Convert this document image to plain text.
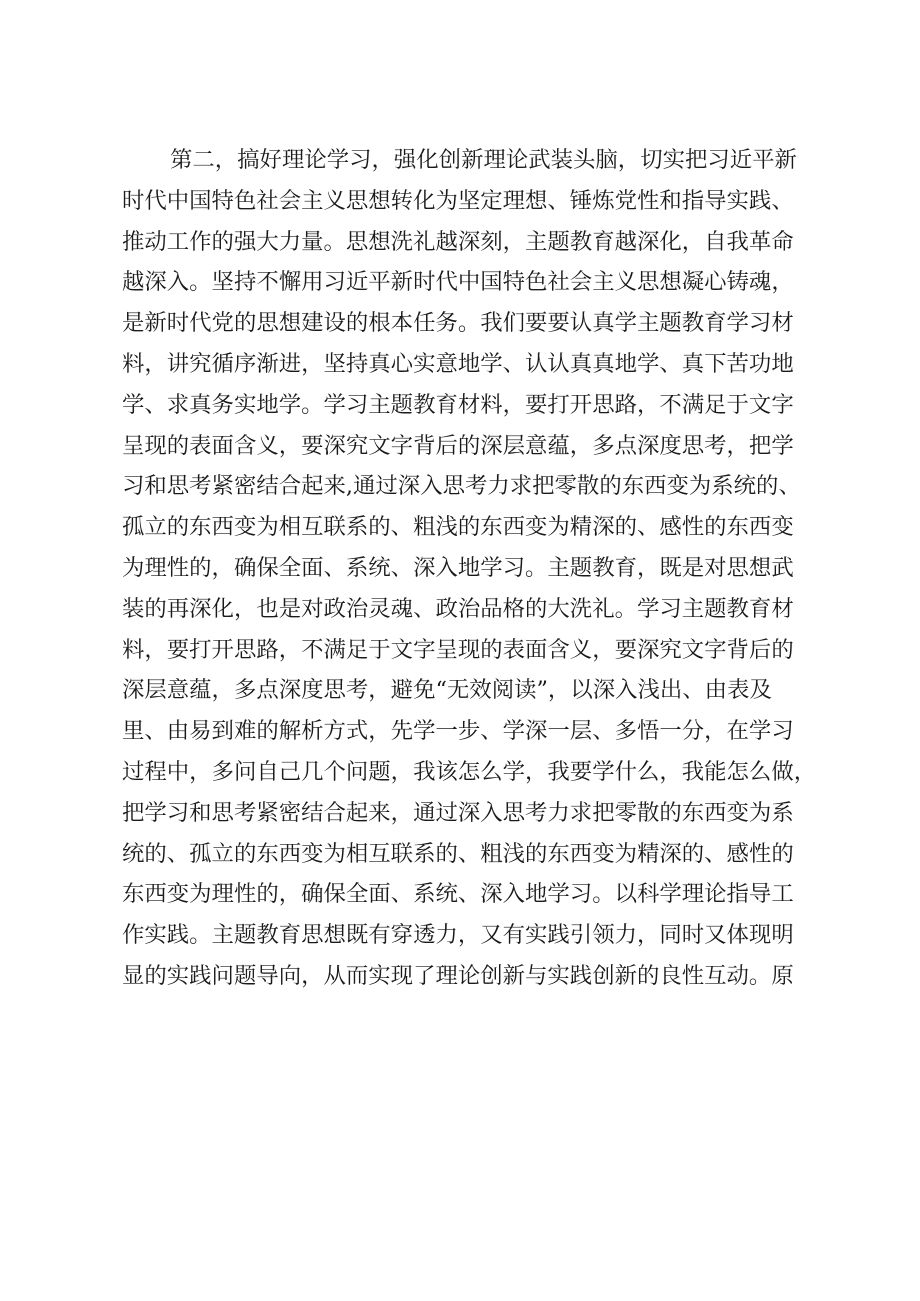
第二，搞好理论学习，强化创新理论武装头脑，切实把习近平新
时代中国特色社会主义思想转化为坚定理想、锤炼党性和指导实践、
推动工作的强大力量。思想洗礼越深刻，主题教育越深化，自我革命
越深入。坚持不懈用习近平新时代中国特色社会主义思想凝心铸魂，
是新时代党的思想建设的根本任务。我们要要认真学主题教育学习材
料，讲究循序渐进，坚持真心实意地学、认认真真地学、真下苦功地
学、求真务实地学。学习主题教育材料，要打开思路，不满足于文字
呈现的表面含义，要深究文字背后的深层意蕴，多点深度思考，把学
习和思考紧密结合起来,通过深入思考力求把零散的东西变为系统的、
孤立的东西变为相互联系的、粗浅的东西变为精深的、感性的东西变
为理性的，确保全面、系统、深入地学习。主题教育，既是对思想武
装的再深化，也是对政治灵魂、政治品格的大洗礼。学习主题教育材
料，要打开思路，不满足于文字呈现的表面含义，要深究文字背后的
深层意蕴，多点深度思考，避免“无效阅读”，以深入浅出、由表及
里、由易到难的解析方式，先学一步、学深一层、多悟一分，在学习
过程中，多问自己几个问题，我该怎么学，我要学什么，我能怎么做，
把学习和思考紧密结合起来，通过深入思考力求把零散的东西变为系
统的、孤立的东西变为相互联系的、粗浅的东西变为精深的、感性的
东西变为理性的，确保全面、系统、深入地学习。以科学理论指导工
作实践。主题教育思想既有穿透力，又有实践引领力，同时又体现明
显的实践问题导向，从而实现了理论创新与实践创新的良性互动。原
